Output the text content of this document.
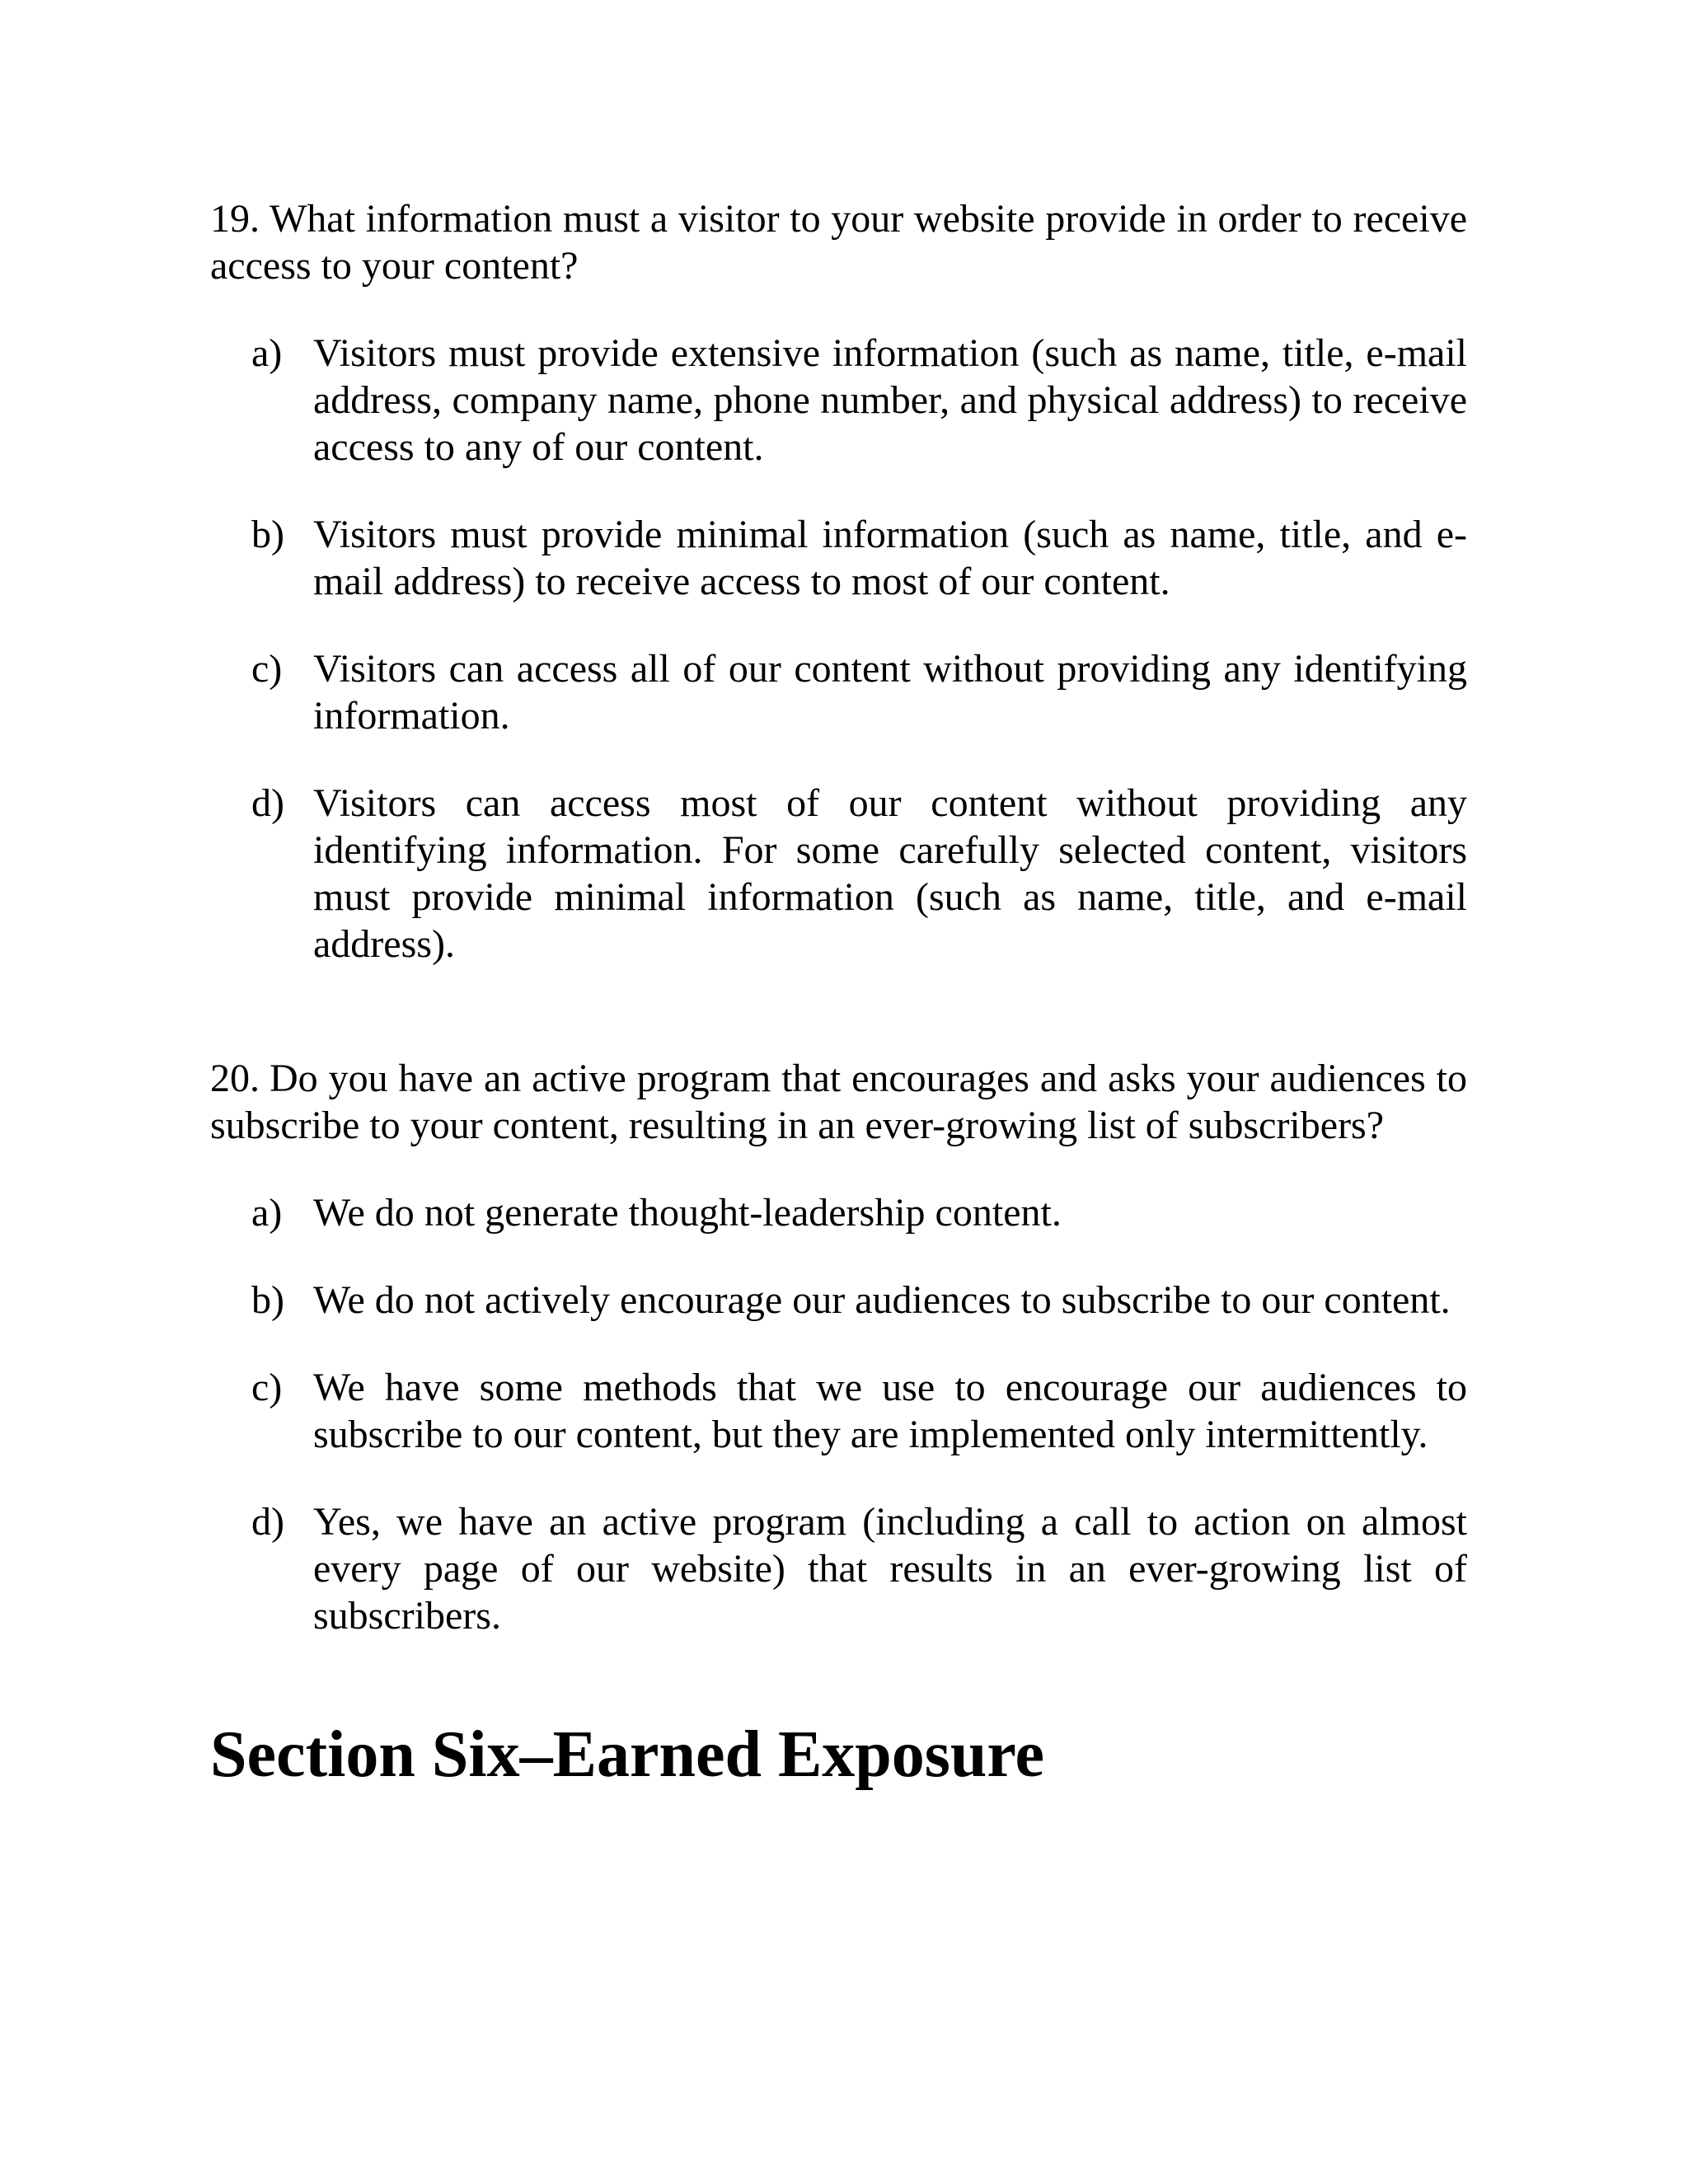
19. What information must a visitor to your website provide in order to receive access to your content?

a) Visitors must provide extensive information (such as name, title, e-mail address, company name, phone number, and physical address) to receive access to any of our content.
b) Visitors must provide minimal information (such as name, title, and e-mail address) to receive access to most of our content.
c) Visitors can access all of our content without providing any identifying information.
d) Visitors can access most of our content without providing any identifying information. For some carefully selected content, visitors must provide minimal information (such as name, title, and e-mail address).

20. Do you have an active program that encourages and asks your audiences to subscribe to your content, resulting in an ever-growing list of subscribers?

a) We do not generate thought-leadership content.
b) We do not actively encourage our audiences to subscribe to our content.
c) We have some methods that we use to encourage our audiences to subscribe to our content, but they are implemented only intermittently.
d) Yes, we have an active program (including a call to action on almost every page of our website) that results in an ever-growing list of subscribers.
Section Six–Earned Exposure
